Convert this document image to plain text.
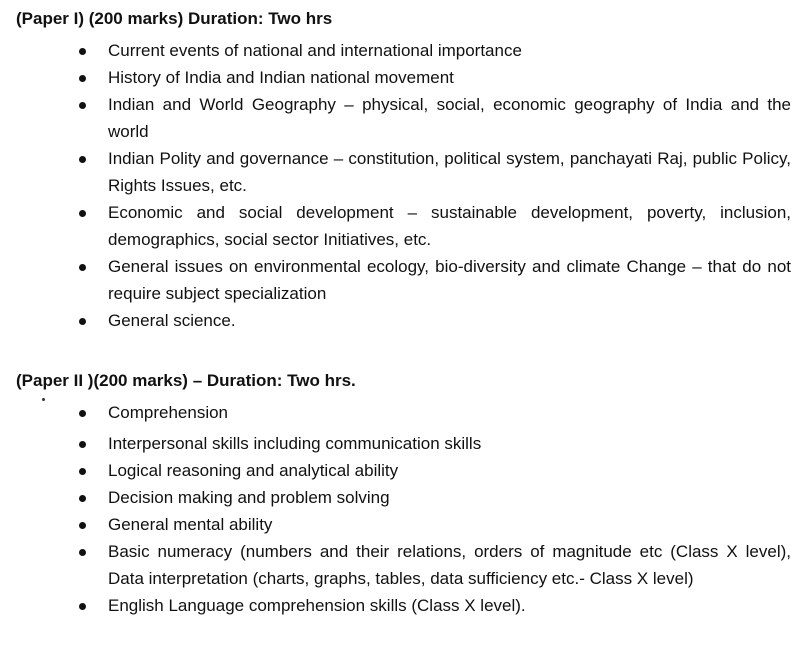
(Paper I) (200 marks) Duration: Two hrs
Current events of national and international importance
History of India and Indian national movement
Indian and World Geography – physical, social, economic geography of India and the world
Indian Polity and governance – constitution, political system, panchayati Raj, public Policy, Rights Issues, etc.
Economic and social development – sustainable development, poverty, inclusion, demographics, social sector Initiatives, etc.
General issues on environmental ecology, bio-diversity and climate Change – that do not require subject specialization
General science.
(Paper II )(200 marks) – Duration: Two hrs.
Comprehension
Interpersonal skills including communication skills
Logical reasoning and analytical ability
Decision making and problem solving
General mental ability
Basic numeracy (numbers and their relations, orders of magnitude etc (Class X level), Data interpretation (charts, graphs, tables, data sufficiency etc.- Class X level)
English Language comprehension skills (Class X level).
